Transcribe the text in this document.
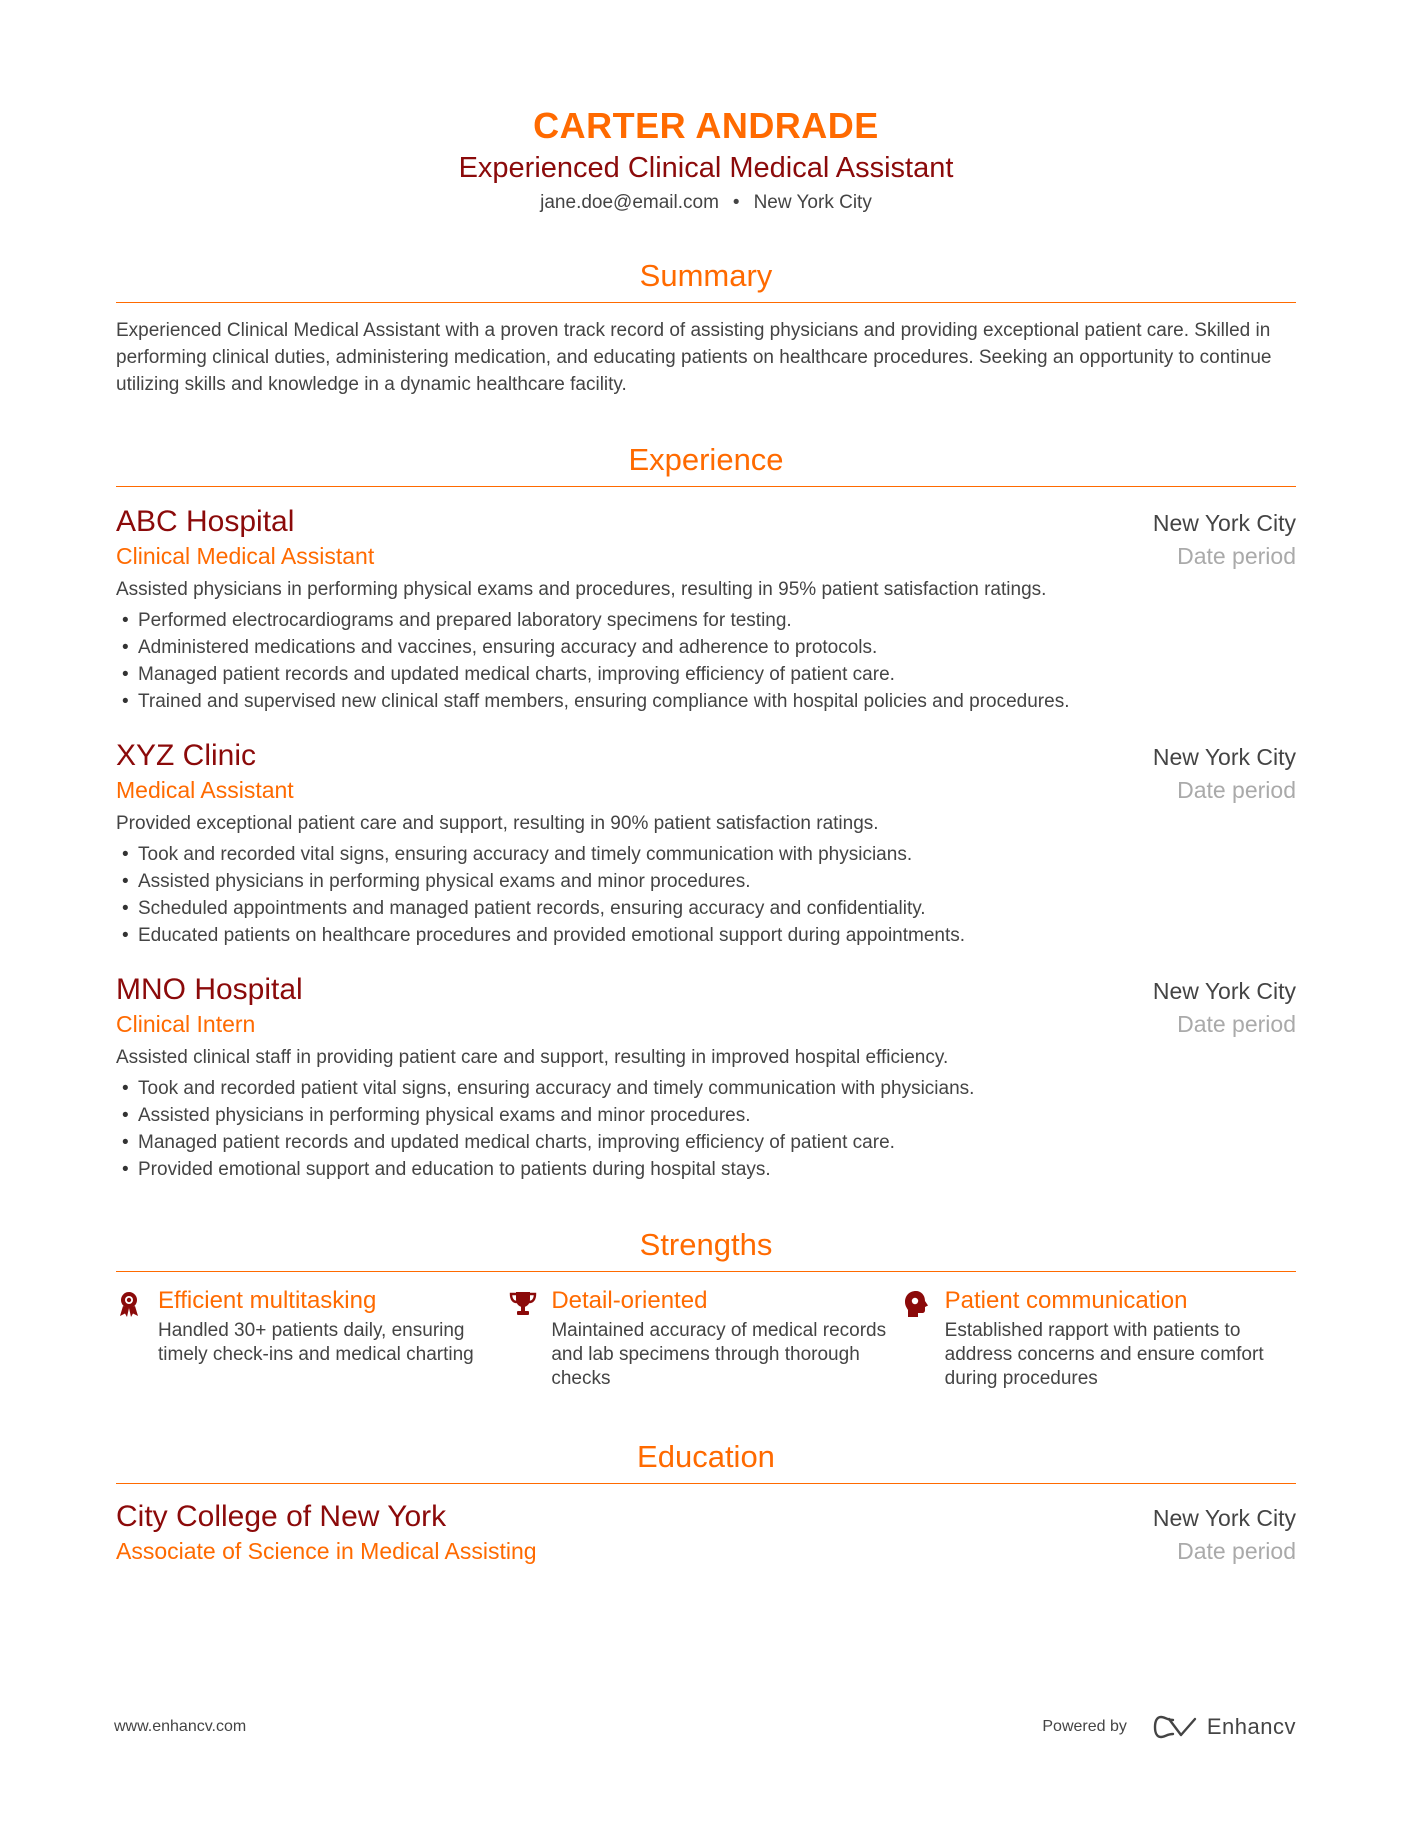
CARTER ANDRADE
Experienced Clinical Medical Assistant
jane.doe@email.com • New York City
Summary
Experienced Clinical Medical Assistant with a proven track record of assisting physicians and providing exceptional patient care. Skilled in performing clinical duties, administering medication, and educating patients on healthcare procedures. Seeking an opportunity to continue utilizing skills and knowledge in a dynamic healthcare facility.
Experience
ABC Hospital	New York City
Clinical Medical Assistant	Date period
Assisted physicians in performing physical exams and procedures, resulting in 95% patient satisfaction ratings.
• Performed electrocardiograms and prepared laboratory specimens for testing.
• Administered medications and vaccines, ensuring accuracy and adherence to protocols.
• Managed patient records and updated medical charts, improving efficiency of patient care.
• Trained and supervised new clinical staff members, ensuring compliance with hospital policies and procedures.
XYZ Clinic	New York City
Medical Assistant	Date period
Provided exceptional patient care and support, resulting in 90% patient satisfaction ratings.
• Took and recorded vital signs, ensuring accuracy and timely communication with physicians.
• Assisted physicians in performing physical exams and minor procedures.
• Scheduled appointments and managed patient records, ensuring accuracy and confidentiality.
• Educated patients on healthcare procedures and provided emotional support during appointments.
MNO Hospital	New York City
Clinical Intern	Date period
Assisted clinical staff in providing patient care and support, resulting in improved hospital efficiency.
• Took and recorded patient vital signs, ensuring accuracy and timely communication with physicians.
• Assisted physicians in performing physical exams and minor procedures.
• Managed patient records and updated medical charts, improving efficiency of patient care.
• Provided emotional support and education to patients during hospital stays.
Strengths
Efficient multitasking
Handled 30+ patients daily, ensuring timely check-ins and medical charting
Detail-oriented
Maintained accuracy of medical records and lab specimens through thorough checks
Patient communication
Established rapport with patients to address concerns and ensure comfort during procedures
Education
City College of New York	New York City
Associate of Science in Medical Assisting	Date period
www.enhancv.com	Powered by	Enhancv
